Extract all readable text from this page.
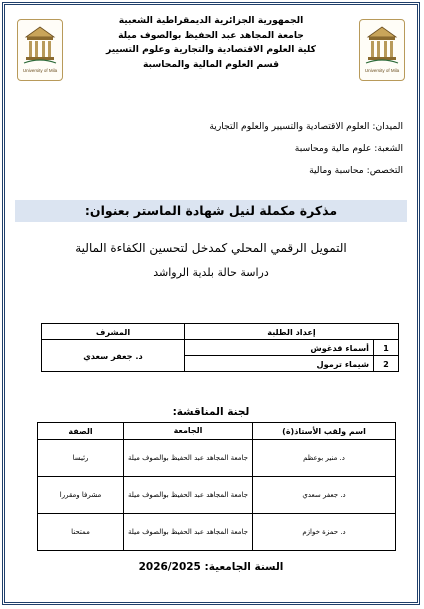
University of Mila
University of Mila
الجمهورية الجزائرية الديمقراطية الشعبية
جامعة المجاهد عبد الحفيظ بوالصوف ميلة
كلية العلوم الاقتصادية والتجارية وعلوم التسيير
قسم العلوم المالية والمحاسبة
الميدان: العلوم الاقتصادية والتسيير والعلوم التجارية
الشعبة: علوم مالية ومحاسبة
التخصص: محاسبة ومالية
مذكرة مكملة لنيل شهادة الماستر بعنوان:
التمويل الرقمي المحلي كمدخل لتحسين الكفاءة المالية
دراسة حالة بلدية الرواشد
إعداد الطلبة		المشرف
1	أسماء قدغوش	د. جعفر سعدي
2	شيماء ترمول	
لجنة المناقشة:
اسم ولقب الأستاذ(ة)	الجامعة	الصفة
د. منير بوعظم	جامعة المجاهد عبد الحفيظ بوالصوف ميلة	رئيسا
د. جعفر سعدي	جامعة المجاهد عبد الحفيظ بوالصوف ميلة	مشرفا ومقررا
د. حمزة خوازم	جامعة المجاهد عبد الحفيظ بوالصوف ميلة	ممتحنا
السنة الجامعية: 2026/2025
